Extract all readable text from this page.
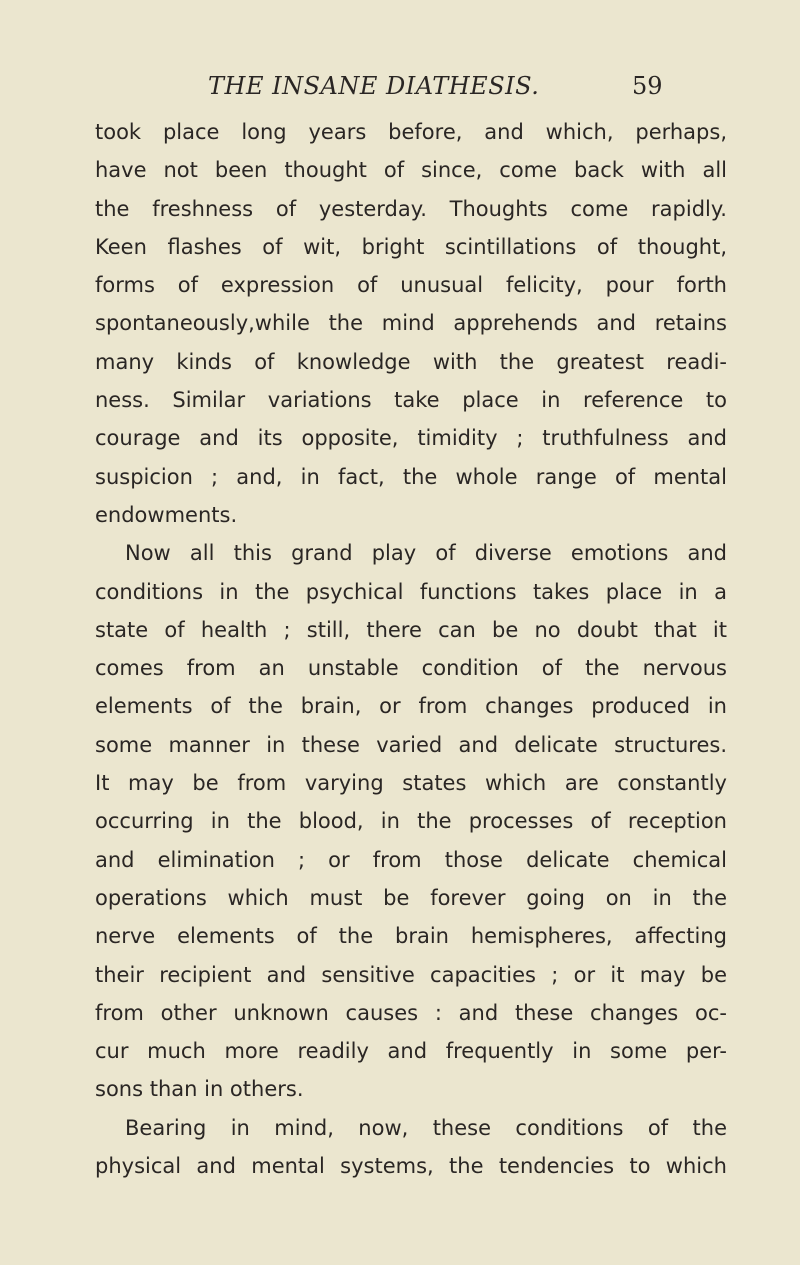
THE INSANE DIATHESIS.	59
took place long years before, and which, perhaps,
have not been thought of since, come back with all
the freshness of yesterday. Thoughts come rapidly.
Keen flashes of wit, bright scintillations of thought,
forms of expression of unusual felicity, pour forth
spontaneously,while the mind apprehends and retains
many kinds of knowledge with the greatest readi-
ness. Similar variations take place in reference to
courage and its opposite, timidity ; truthfulness and
suspicion ; and, in fact, the whole range of mental
endowments.
Now all this grand play of diverse emotions and
conditions in the psychical functions takes place in a
state of health ; still, there can be no doubt that it
comes from an unstable condition of the nervous
elements of the brain, or from changes produced in
some manner in these varied and delicate structures.
It may be from varying states which are constantly
occurring in the blood, in the processes of reception
and elimination ; or from those delicate chemical
operations which must be forever going on in the
nerve elements of the brain hemispheres, affecting
their recipient and sensitive capacities ; or it may be
from other unknown causes : and these changes oc-
cur much more readily and frequently in some per-
sons than in others.
Bearing in mind, now, these conditions of the
physical and mental systems, the tendencies to which
